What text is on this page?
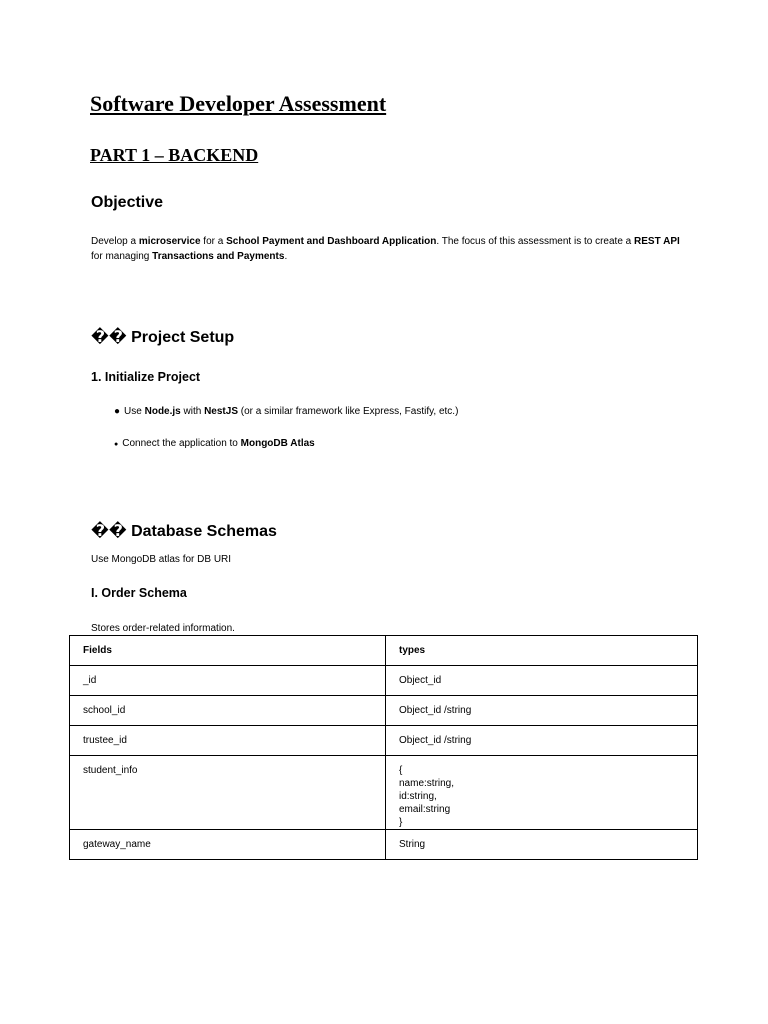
Software Developer Assessment
PART 1 – BACKEND
Objective
Develop a microservice for a School Payment and Dashboard Application. The focus of this assessment is to create a REST API
for managing Transactions and Payments.
�� Project Setup
1. Initialize Project
● Use Node.js with NestJS (or a similar framework like Express, Fastify, etc.)
● Connect the application to MongoDB Atlas
�� Database Schemas
Use MongoDB atlas for DB URI
I. Order Schema
Stores order-related information.
Fields	types
_id	Object_id
school_id	Object_id /string
trustee_id	Object_id /string
student_info	{
name:string,
id:string,
email:string
}
gateway_name	String
